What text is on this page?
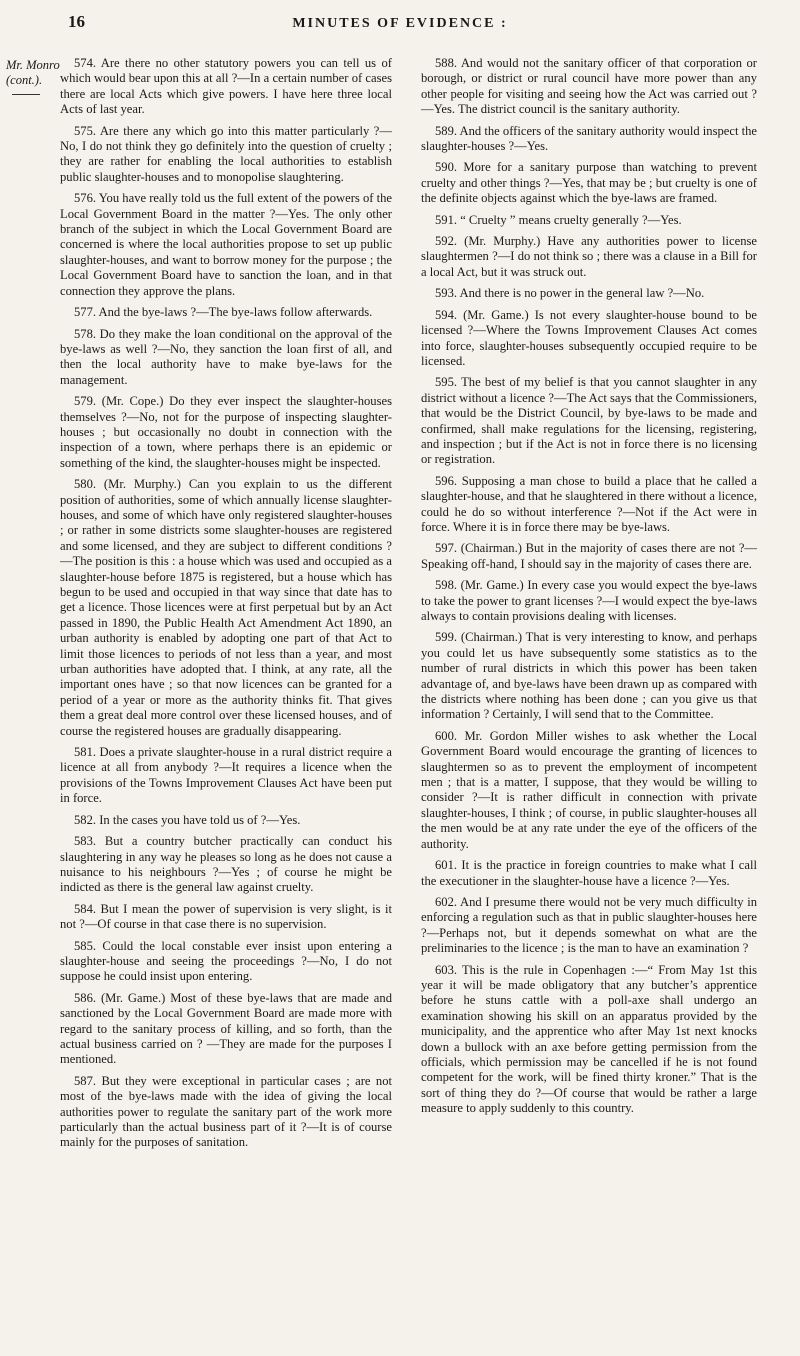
16	MINUTES OF EVIDENCE :
Mr. Monro (cont.).

574. Are there no other statutory powers you can tell us of which would bear upon this at all ?—In a certain number of cases there are local Acts which give powers. I have here three local Acts of last year.

575. Are there any which go into this matter particularly ?—No, I do not think they go definitely into the question of cruelty ; they are rather for enabling the local authorities to establish public slaughter-houses and to monopolise slaughtering.

576. You have really told us the full extent of the powers of the Local Government Board in the matter ?—Yes. The only other branch of the subject in which the Local Government Board are concerned is where the local authorities propose to set up public slaughter-houses, and want to borrow money for the purpose ; the Local Government Board have to sanction the loan, and in that connection they approve the plans.

577. And the bye-laws ?—The bye-laws follow afterwards.

578. Do they make the loan conditional on the approval of the bye-laws as well ?—No, they sanction the loan first of all, and then the local authority have to make bye-laws for the management.

579. (Mr. Cope.) Do they ever inspect the slaughter-houses themselves ?—No, not for the purpose of inspecting slaughter-houses ; but occasionally no doubt in connection with the inspection of a town, where perhaps there is an epidemic or something of the kind, the slaughter-houses might be inspected.

580. (Mr. Murphy.) Can you explain to us the different position of authorities, some of which annually license slaughter-houses, and some of which have only registered slaughter-houses ; or rather in some districts some slaughter-houses are registered and some licensed, and they are subject to different conditions ?—The position is this : a house which was used and occupied as a slaughter-house before 1875 is registered, but a house which has begun to be used and occupied in that way since that date has to get a licence. Those licences were at first perpetual but by an Act passed in 1890, the Public Health Act Amendment Act 1890, an urban authority is enabled by adopting one part of that Act to limit those licences to periods of not less than a year, and most urban authorities have adopted that. I think, at any rate, all the important ones have ; so that now licences can be granted for a period of a year or more as the authority thinks fit. That gives them a great deal more control over these licensed houses, and of course the registered houses are gradually disappearing.

581. Does a private slaughter-house in a rural district require a licence at all from anybody ?—It requires a licence when the provisions of the Towns Improvement Clauses Act have been put in force.

582. In the cases you have told us of ?—Yes.

583. But a country butcher practically can conduct his slaughtering in any way he pleases so long as he does not cause a nuisance to his neighbours ?—Yes ; of course he might be indicted as there is the general law against cruelty.

584. But I mean the power of supervision is very slight, is it not ?—Of course in that case there is no supervision.

585. Could the local constable ever insist upon entering a slaughter-house and seeing the proceedings ?—No, I do not suppose he could insist upon entering.

586. (Mr. Game.) Most of these bye-laws that are made and sanctioned by the Local Government Board are made more with regard to the sanitary process of killing, and so forth, than the actual business carried on ? —They are made for the purposes I mentioned.

587. But they were exceptional in particular cases ; are not most of the bye-laws made with the idea of giving the local authorities power to regulate the sanitary part of the work more particularly than the actual business part of it ?—It is of course mainly for the purposes of sanitation.

588. And would not the sanitary officer of that corporation or borough, or district or rural council have more power than any other people for visiting and seeing how the Act was carried out ?—Yes. The district council is the sanitary authority.

589. And the officers of the sanitary authority would inspect the slaughter-houses ?—Yes.

590. More for a sanitary purpose than watching to prevent cruelty and other things ?—Yes, that may be ; but cruelty is one of the definite objects against which the bye-laws are framed.

591. “ Cruelty ” means cruelty generally ?—Yes.

592. (Mr. Murphy.) Have any authorities power to license slaughtermen ?—I do not think so ; there was a clause in a Bill for a local Act, but it was struck out.

593. And there is no power in the general law ?—No.

594. (Mr. Game.) Is not every slaughter-house bound to be licensed ?—Where the Towns Improvement Clauses Act comes into force, slaughter-houses subsequently occupied require to be licensed.

595. The best of my belief is that you cannot slaughter in any district without a licence ?—The Act says that the Commissioners, that would be the District Council, by bye-laws to be made and confirmed, shall make regulations for the licensing, registering, and inspection ; but if the Act is not in force there is no licensing or registration.

596. Supposing a man chose to build a place that he called a slaughter-house, and that he slaughtered in there without a licence, could he do so without interference ?—Not if the Act were in force. Where it is in force there may be bye-laws.

597. (Chairman.) But in the majority of cases there are not ?—Speaking off-hand, I should say in the majority of cases there are.

598. (Mr. Game.) In every case you would expect the bye-laws to take the power to grant licenses ?—I would expect the bye-laws always to contain provisions dealing with licenses.

599. (Chairman.) That is very interesting to know, and perhaps you could let us have subsequently some statistics as to the number of rural districts in which this power has been taken advantage of, and bye-laws have been drawn up as compared with the districts where nothing has been done ; can you give us that information ? Certainly, I will send that to the Committee.

600. Mr. Gordon Miller wishes to ask whether the Local Government Board would encourage the granting of licences to slaughtermen so as to prevent the employment of incompetent men ; that is a matter, I suppose, that they would be willing to consider ?—It is rather difficult in connection with private slaughter-houses, I think ; of course, in public slaughter-houses all the men would be at any rate under the eye of the officers of the authority.

601. It is the practice in foreign countries to make what I call the executioner in the slaughter-house have a licence ?—Yes.

602. And I presume there would not be very much difficulty in enforcing a regulation such as that in public slaughter-houses here ?—Perhaps not, but it depends somewhat on what are the preliminaries to the licence ; is the man to have an examination ?

603. This is the rule in Copenhagen :—“ From May 1st this year it will be made obligatory that any butcher’s apprentice before he stuns cattle with a poll-axe shall undergo an examination showing his skill on an apparatus provided by the municipality, and the apprentice who after May 1st next knocks down a bullock with an axe before getting permission from the officials, which permission may be cancelled if he is not found competent for the work, will be fined thirty kroner.” That is the sort of thing they do ?—Of course that would be rather a large measure to apply suddenly to this country.
